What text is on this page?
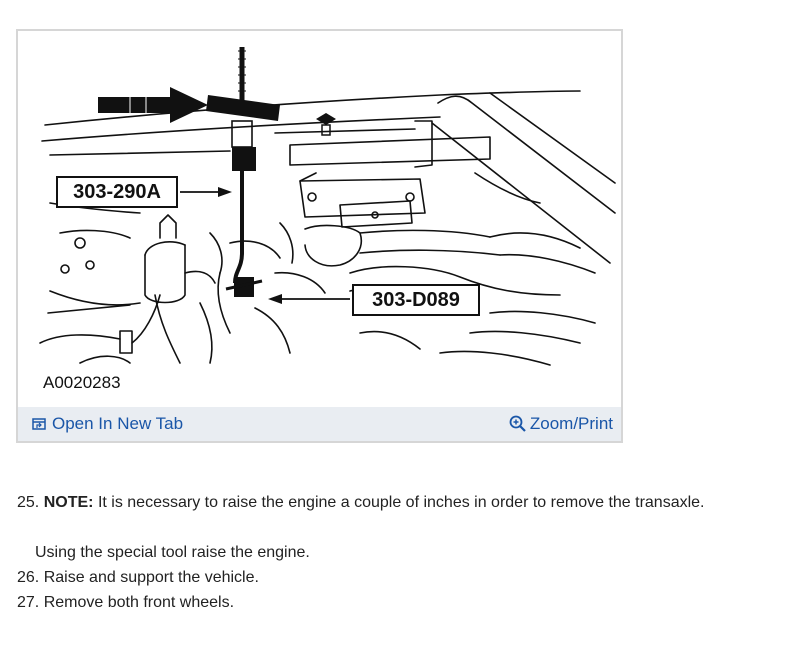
303-290A
303-D089
A0020283
Open In New Tab	Zoom/Print
25. NOTE: It is necessary to raise the engine a couple of inches in order to remove the transaxle.
Using the special tool raise the engine.
26. Raise and support the vehicle.
27. Remove both front wheels.
